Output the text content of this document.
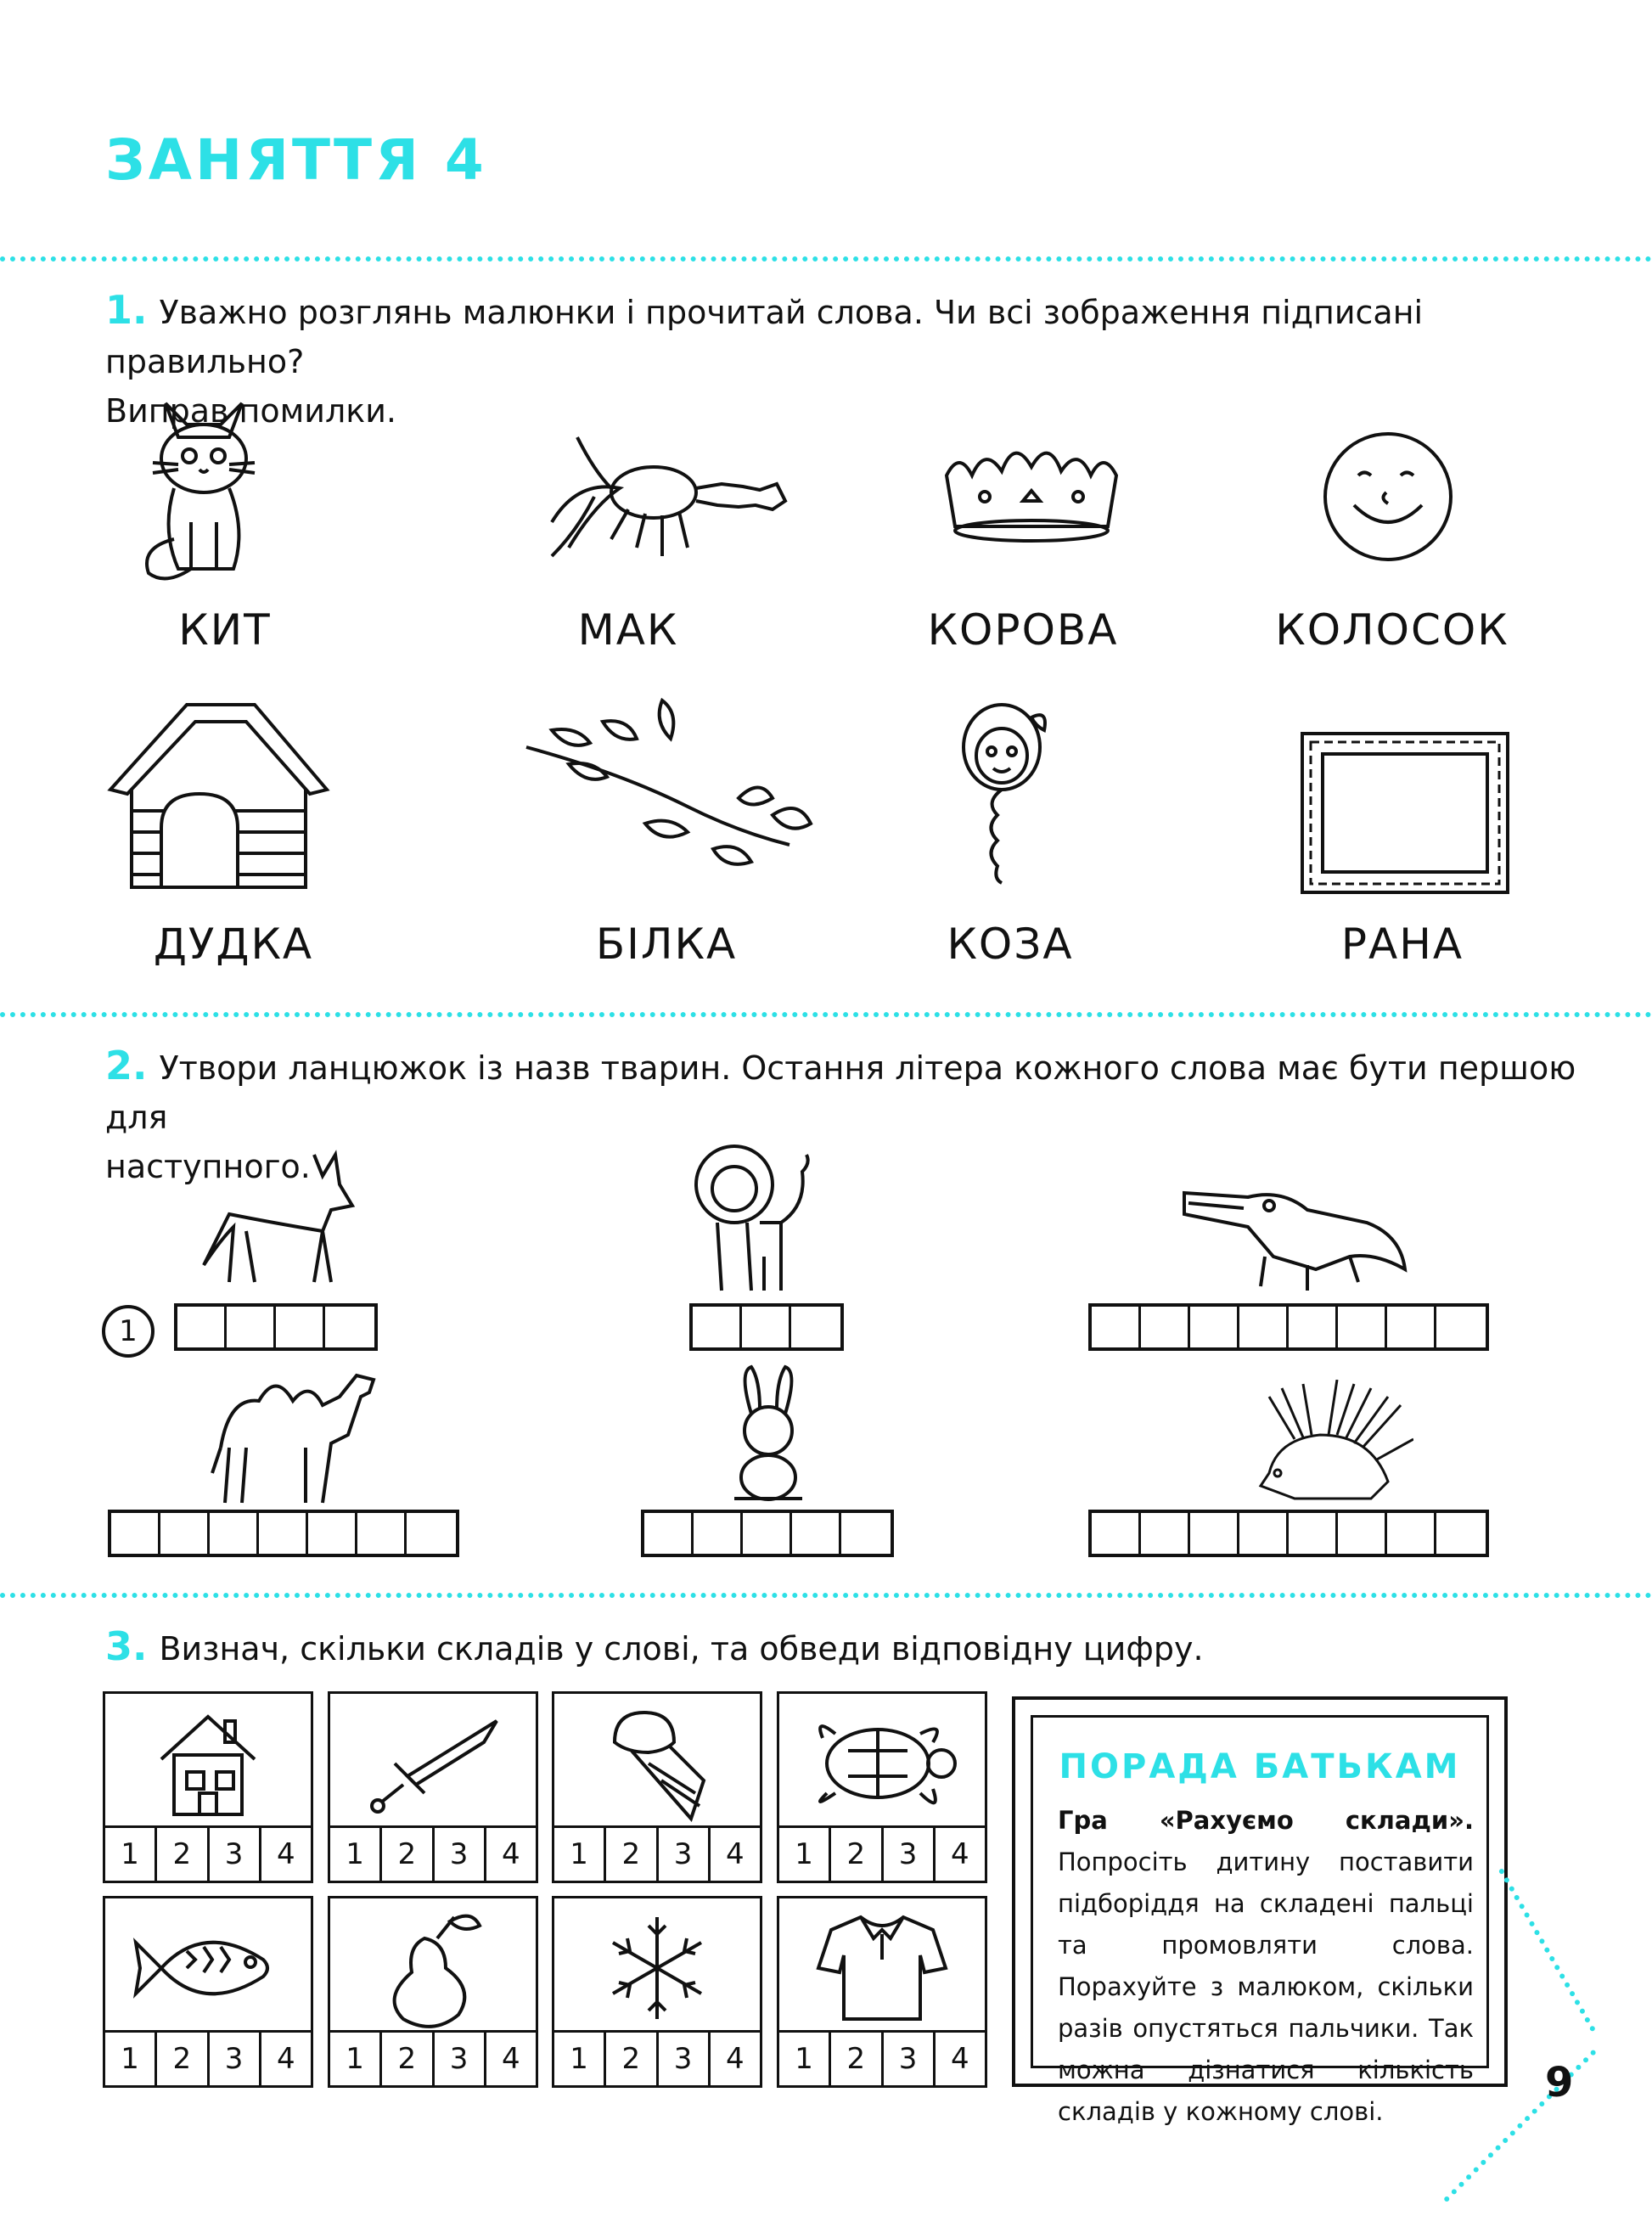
ЗАНЯТТЯ 4
1. Уважно розглянь малюнки і прочитай слова. Чи всі зображення підписані правильно?
Виправ помилки.
КИТ	МАК	КОРОВА	КОЛОСОК
ДУДКА	БІЛКА	КОЗА	РАНА
2. Утвори ланцюжок із назв тварин. Остання літера кожного слова має бути першою для
наступного.
1
3. Визнач, скільки складів у слові, та обведи відповідну цифру.
1	2	3	4	1	2	3	4	1	2	3	4	1	2	3	4
1	2	3	4	1	2	3	4	1	2	3	4	1	2	3	4
ПОРАДА БАТЬКАМ
Гра «Рахуємо склади». Попросіть дитину поставити підборіддя на складені пальці та промовляти слова. Порахуйте з малюком, скільки разів опустяться пальчики. Так можна дізнатися кількість складів у кожному слові.
9
